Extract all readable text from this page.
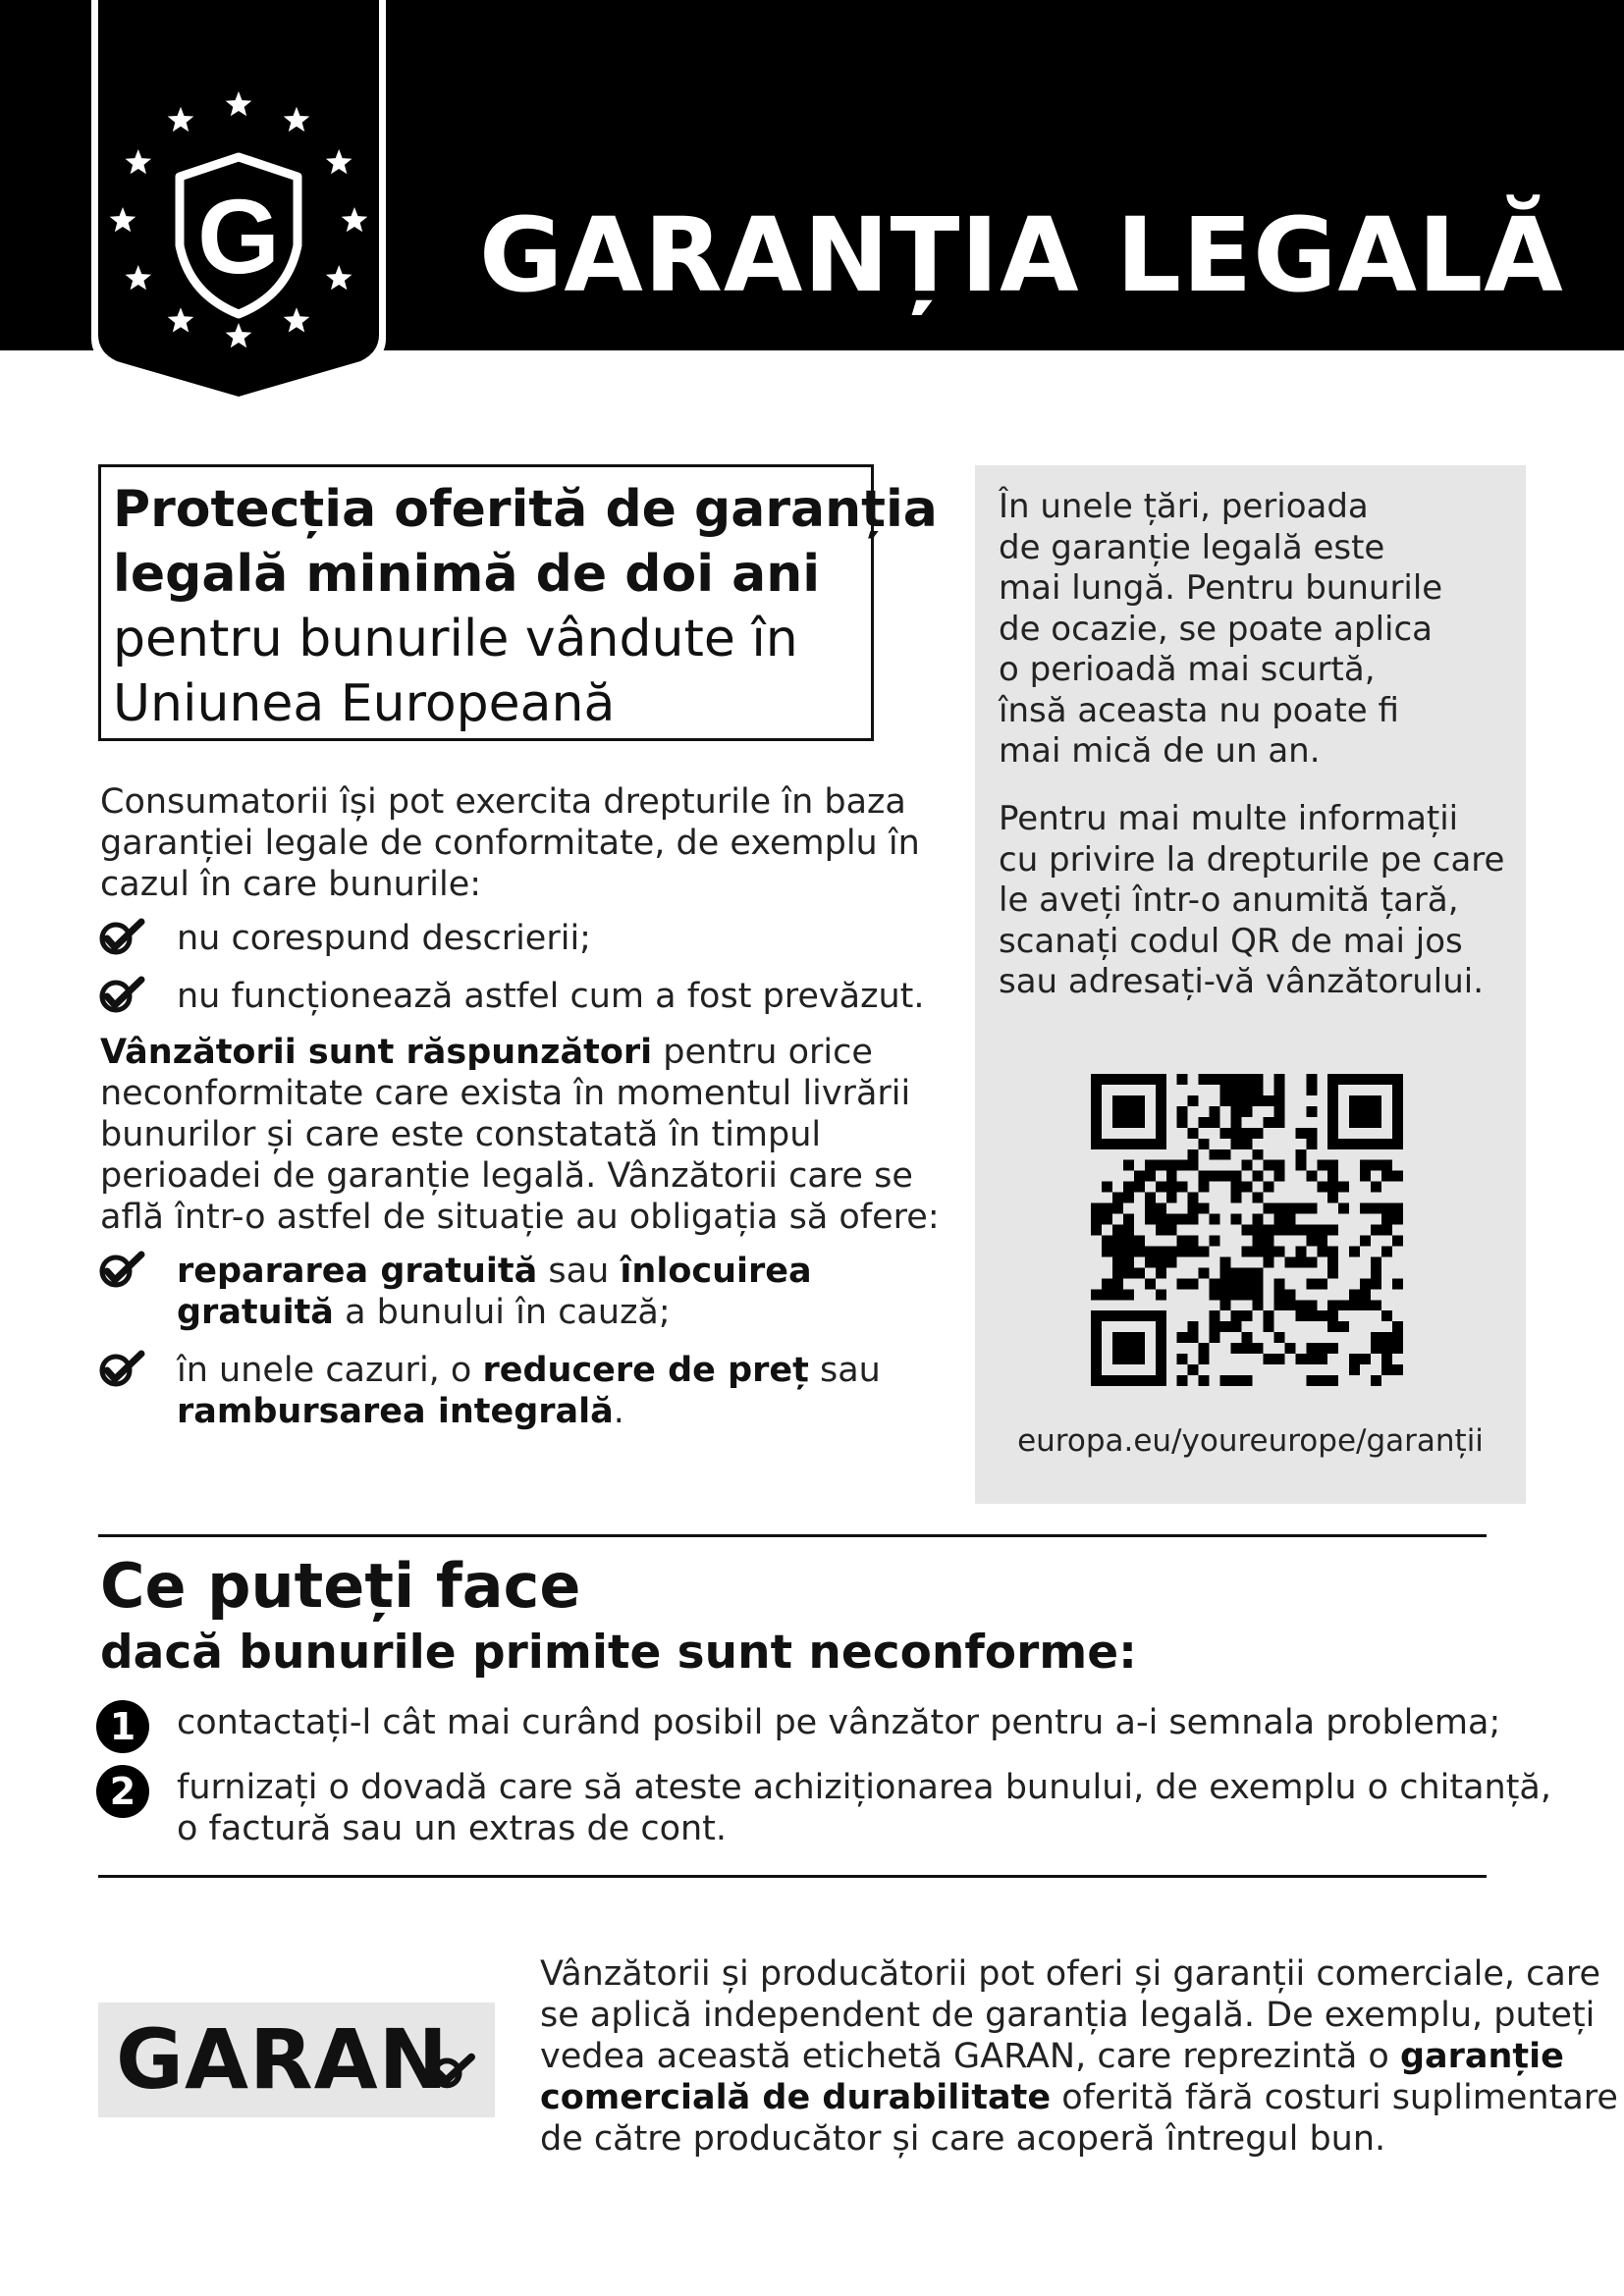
G GARANȚIA LEGALĂ
Protecția oferită de garanția
legală minimă de doi ani
pentru bunurile vândute în
Uniunea Europeană
Consumatorii își pot exercita drepturile în baza
garanției legale de conformitate, de exemplu în
cazul în care bunurile:
nu corespund descrierii;
nu funcționează astfel cum a fost prevăzut.
Vânzătorii sunt răspunzători pentru orice
neconformitate care exista în momentul livrării
bunurilor și care este constatată în timpul
perioadei de garanție legală. Vânzătorii care se
află într-o astfel de situație au obligația să ofere:
repararea gratuită sau înlocuirea
gratuită a bunului în cauză;
în unele cazuri, o reducere de preț sau
rambursarea integrală.
În unele țări, perioada
de garanție legală este
mai lungă. Pentru bunurile
de ocazie, se poate aplica
o perioadă mai scurtă,
însă aceasta nu poate fi
mai mică de un an.
Pentru mai multe informații
cu privire la drepturile pe care
le aveți într-o anumită țară,
scanați codul QR de mai jos
sau adresați-vă vânzătorului.
europa.eu/youreurope/garanții
Ce puteți face
dacă bunurile primite sunt neconforme:
1	contactați-l cât mai curând posibil pe vânzător pentru a-i semnala problema;
2	furnizați o dovadă care să ateste achiziționarea bunului, de exemplu o chitanță,
o factură sau un extras de cont.
GARAN
Vânzătorii și producătorii pot oferi și garanții comerciale, care
se aplică independent de garanția legală. De exemplu, puteți
vedea această etichetă GARAN, care reprezintă o garanție
comercială de durabilitate oferită fără costuri suplimentare
de către producător și care acoperă întregul bun.
